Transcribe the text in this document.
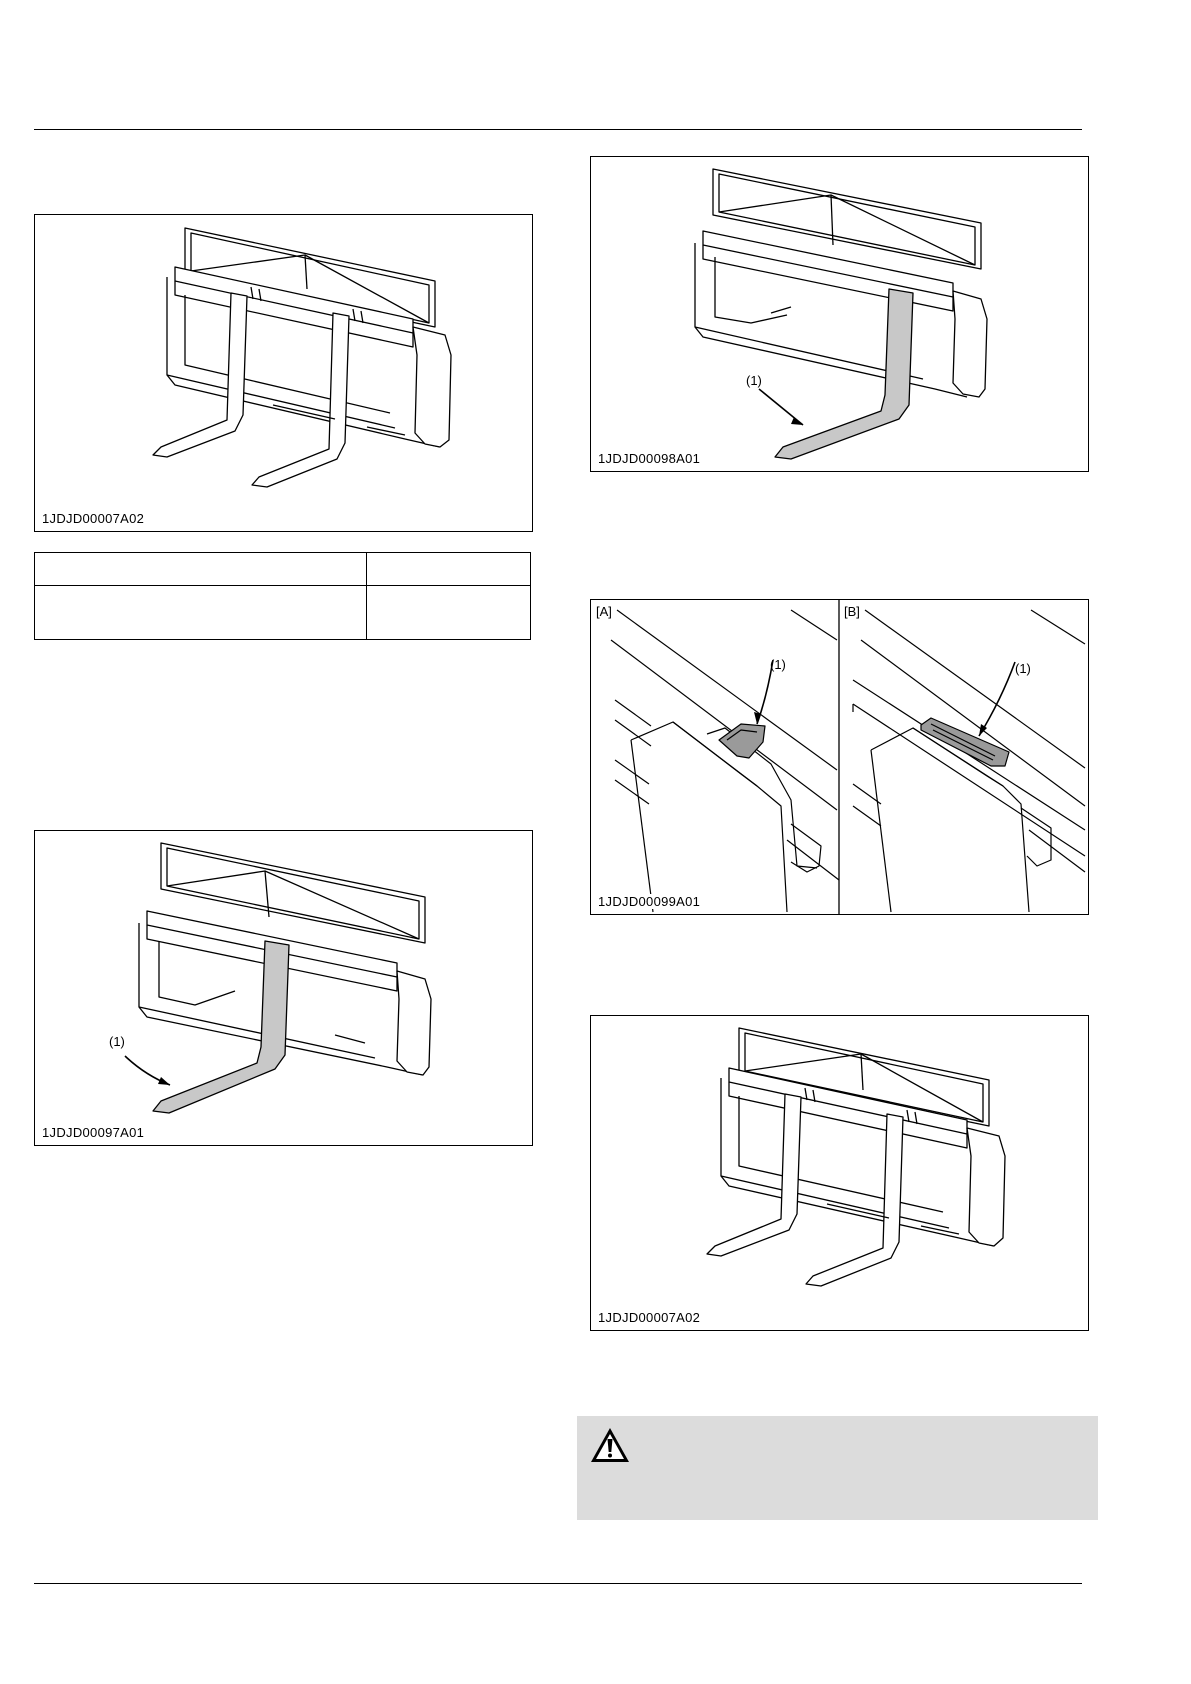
1JDJD00007A02

(1)
1JDJD00097A01
(1)
1JDJD00098A01
[A]	[B]
(1)	(1)
1JDJD00099A01
1JDJD00007A02
